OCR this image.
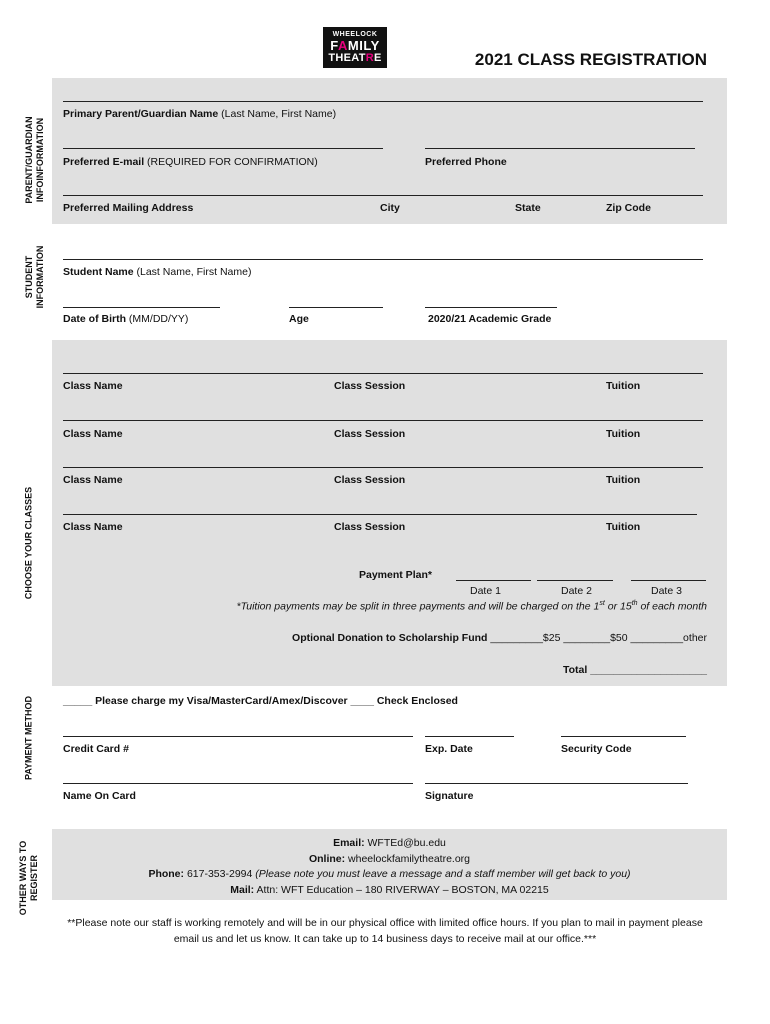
WHEELOCK
FAMILY
THEATRE	2021 CLASS REGISTRATION
PARENT/GUARDIAN INFOINFORMATION
STUDENT INFORMATION
CHOOSE YOUR CLASSES
PAYMENT METHOD
OTHER WAYS TO REGISTER
Primary Parent/Guardian Name (Last Name, First Name)
Preferred E-mail (REQUIRED FOR CONFIRMATION)	Preferred Phone
Preferred Mailing Address	City	State	Zip Code
Student Name (Last Name, First Name)
Date of Birth (MM/DD/YY)	Age	2020/21 Academic Grade
Class Name	Class Session	Tuition
Class Name	Class Session	Tuition
Class Name	Class Session	Tuition
Class Name	Class Session	Tuition
Payment Plan*
Date 1	Date 2	Date 3
*Tuition payments may be split in three payments and will be charged on the 1st or 15th of each month
Optional Donation to Scholarship Fund _________$25 ________$50 _________other
Total ____________________
_____ Please charge my Visa/MasterCard/Amex/Discover ____ Check Enclosed
Credit Card #	Exp. Date	Security Code
Name On Card	Signature
Email: WFTEd@bu.edu
Online: wheelockfamilytheatre.org
Phone: 617-353-2994 (Please note you must leave a message and a staff member will get back to you)
Mail: Attn: WFT Education – 180 RIVERWAY – BOSTON, MA 02215
**Please note our staff is working remotely and will be in our physical office with limited office hours. If you plan to mail in payment please email us and let us know. It can take up to 14 business days to receive mail at our office.***
